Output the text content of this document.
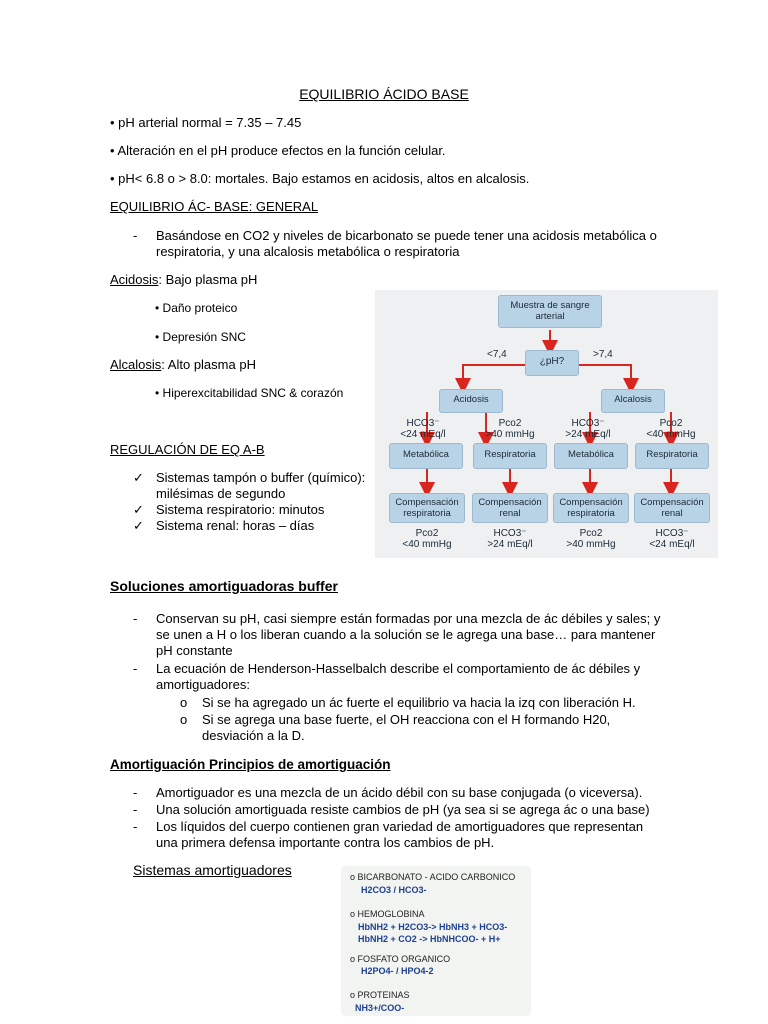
EQUILIBRIO ÁCIDO BASE
• pH arterial normal = 7.35 – 7.45
• Alteración en el pH produce efectos en la función celular.
• pH< 6.8 o > 8.0: mortales. Bajo estamos en acidosis, altos en alcalosis.
EQUILIBRIO ÁC- BASE: GENERAL
- Basándose en CO2 y niveles de bicarbonato se puede tener una acidosis metabólica o
respiratoria, y una alcalosis metabólica o respiratoria
Acidosis: Bajo plasma pH
• Daño proteico
• Depresión SNC
Alcalosis: Alto plasma pH
• Hiperexcitabilidad SNC & corazón
REGULACIÓN DE EQ A-B
✓ Sistemas tampón o buffer (químico):
milésimas de segundo
✓ Sistema respiratorio: minutos
✓ Sistema renal: horas – días
Muestra de sangre
arterial
¿pH?
<7,4	>7,4
Acidosis	Alcalosis
HCO3⁻
<24 mEq/l
Pco2
>40 mmHg
HCO3⁻
>24 mEq/l
Pco2
<40 mmHg
Metabólica	Respiratoria	Metabólica	Respiratoria
Compensación
respiratoria
Compensación
renal
Compensación
respiratoria
Compensación
renal
Pco2
<40 mmHg
HCO3⁻
>24 mEq/l
Pco2
>40 mmHg
HCO3⁻
<24 mEq/l
Soluciones amortiguadoras buffer
- Conservan su pH, casi siempre están formadas por una mezcla de ác débiles y sales; y
se unen a H o los liberan cuando a la solución se le agrega una base… para mantener
pH constante
- La ecuación de Henderson-Hasselbalch describe el comportamiento de ác débiles y
amortiguadores:
o Si se ha agregado un ác fuerte el equilibrio va hacia la izq con liberación H.
o Si se agrega una base fuerte, el OH reacciona con el H formando H20,
desviación a la D.
Amortiguación Principios de amortiguación
- Amortiguador es una mezcla de un ácido débil con su base conjugada (o viceversa).
- Una solución amortiguada resiste cambios de pH (ya sea si se agrega ác o una base)
- Los líquidos del cuerpo contienen gran variedad de amortiguadores que representan
una primera defensa importante contra los cambios de pH.
Sistemas amortiguadores	o BICARBONATO - ACIDO CARBONICO
H2CO3 / HCO3-
o HEMOGLOBINA
HbNH2 + H2CO3-> HbNH3 + HCO3-
HbNH2 + CO2 -> HbNHCOO- + H+
o FOSFATO ORGANICO
H2PO4- / HPO4-2
o PROTEINAS
NH3+/COO-
